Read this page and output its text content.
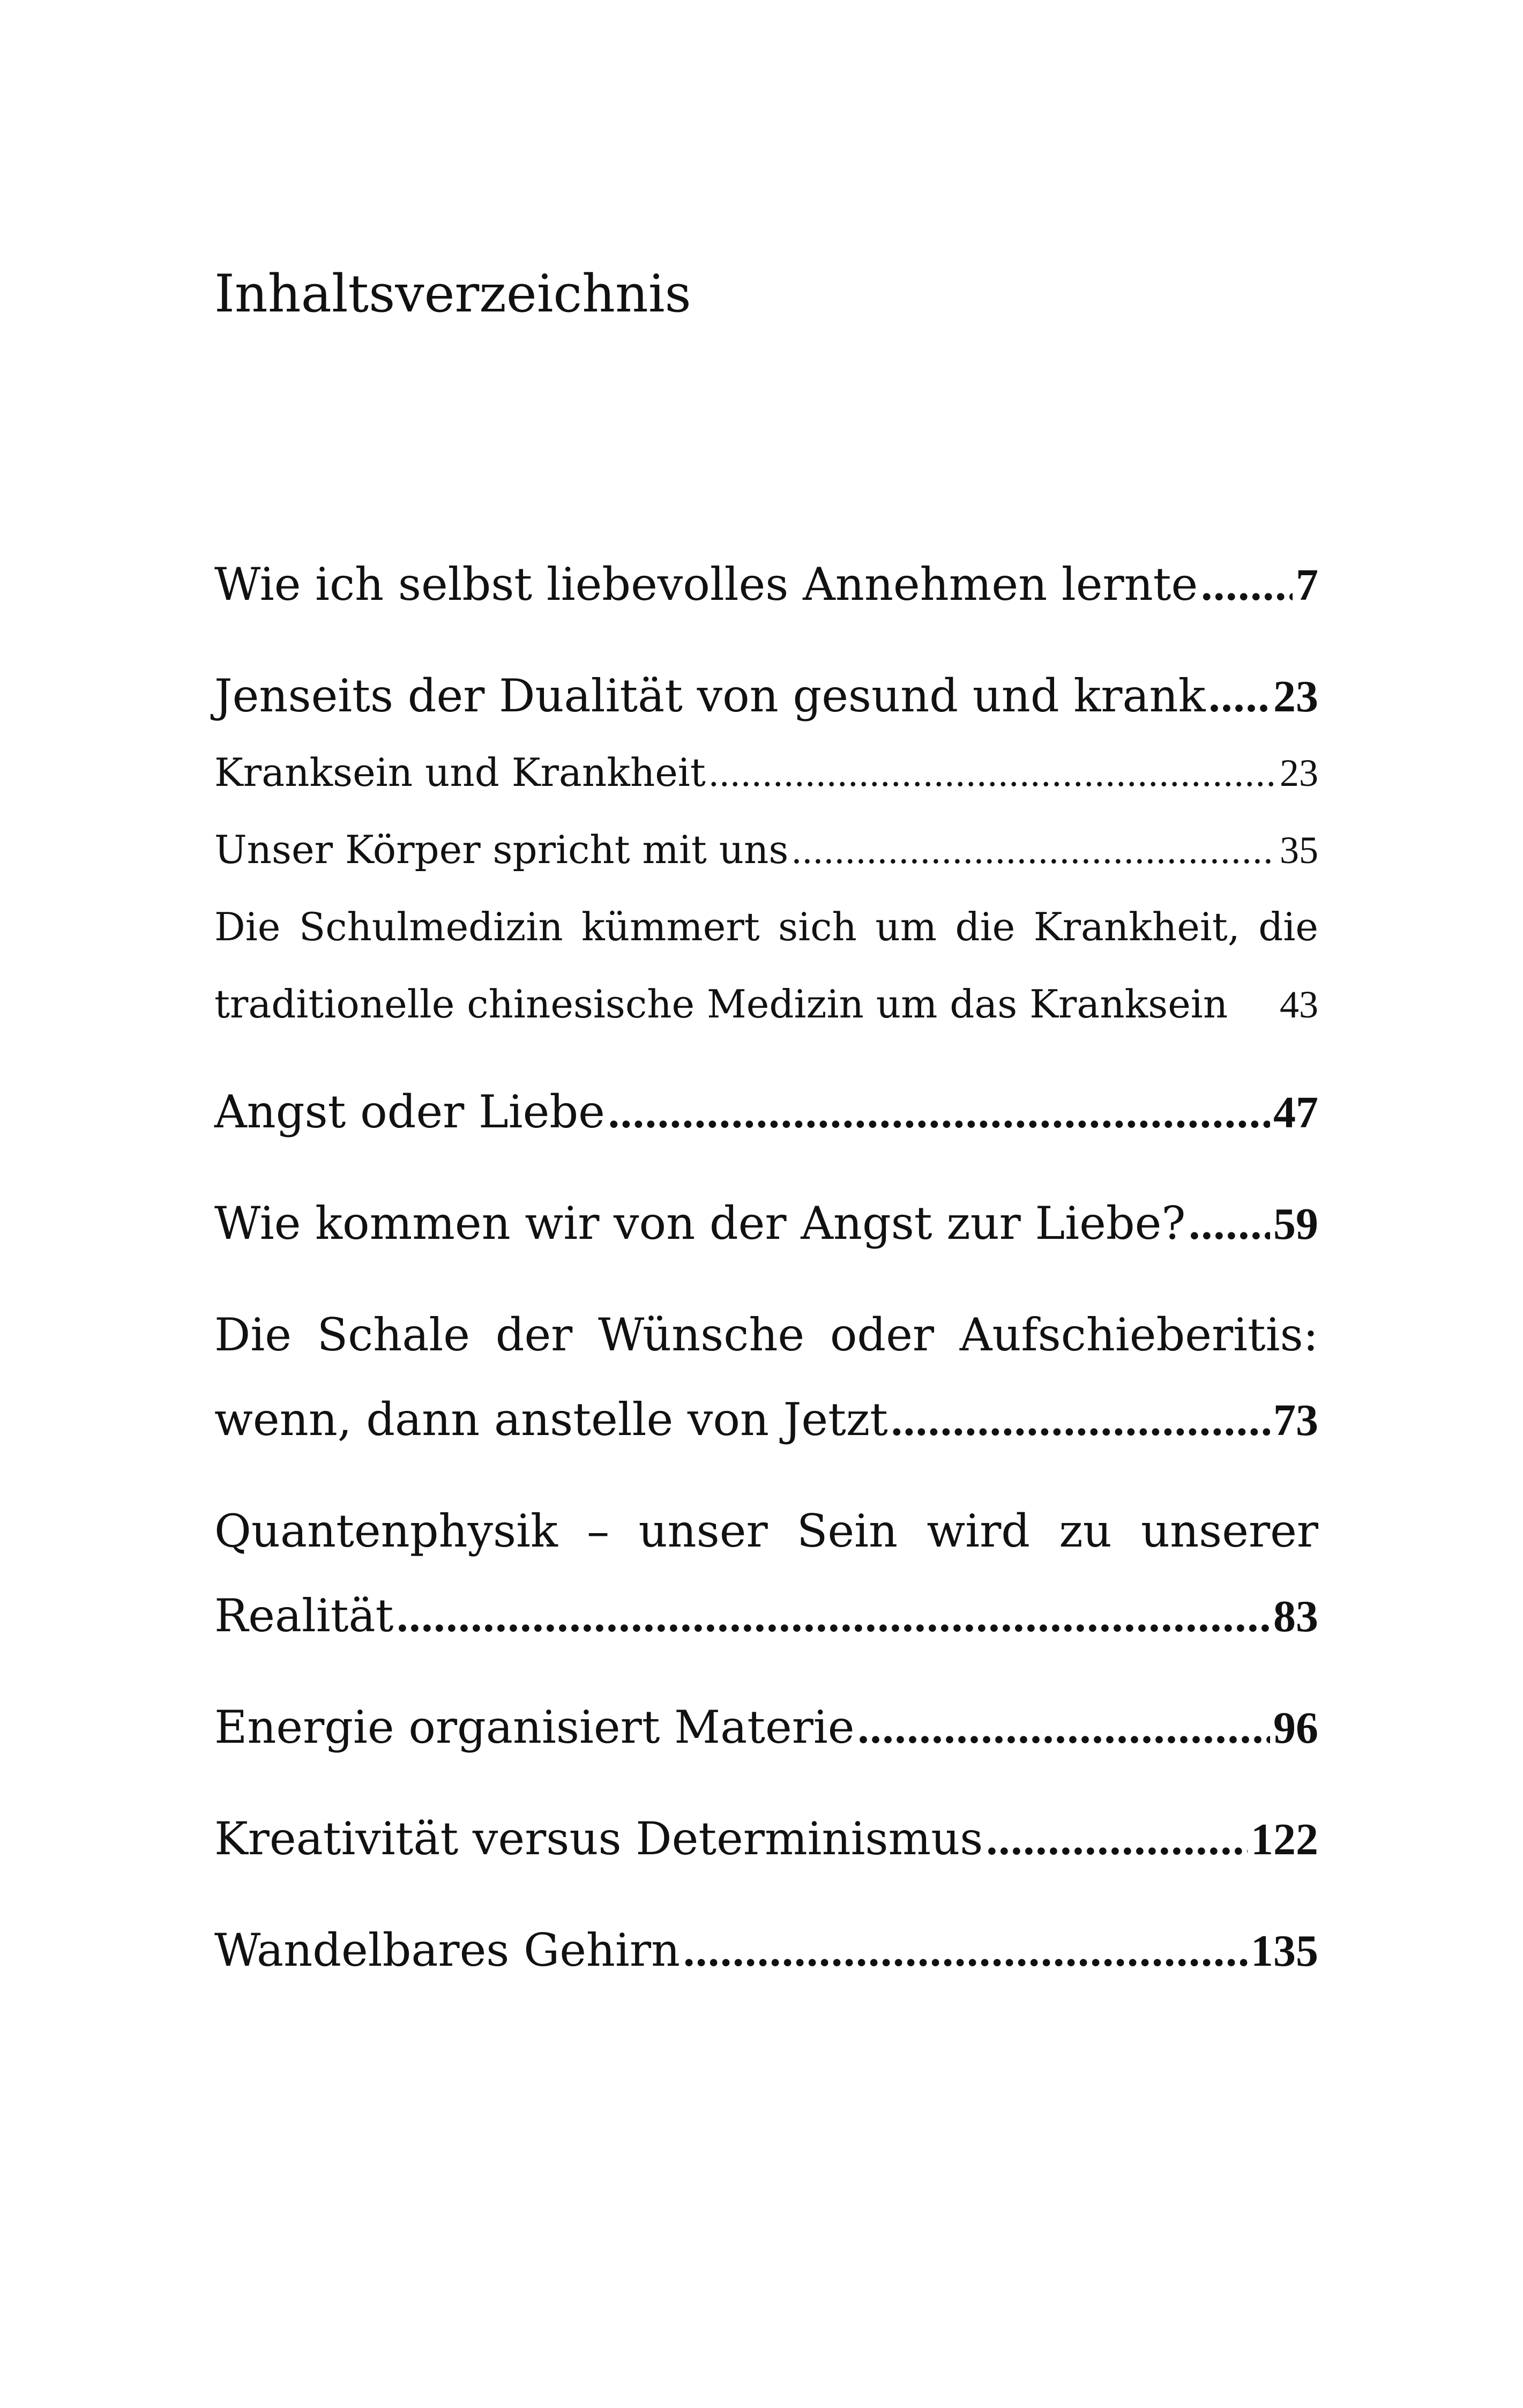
Inhaltsverzeichnis
Wie ich selbst liebevolles Annehmen lernte ..... 7
Jenseits der Dualität von gesund und krank ..... 23
Kranksein und Krankheit .....	23
Unser Körper spricht mit uns .....	35
Die Schulmedizin kümmert sich um die Krankheit, die
traditionelle chinesische Medizin um das Kranksein 43
Angst oder Liebe .....	47
Wie kommen wir von der Angst zur Liebe? ..... 59
Die Schale der Wünsche oder Aufschieberitis:
wenn, dann anstelle von Jetzt .....	73
Quantenphysik – unser Sein wird zu unserer
Realität .....	83
Energie organisiert Materie .....	96
Kreativität versus Determinismus .....	122
Wandelbares Gehirn .....	135
